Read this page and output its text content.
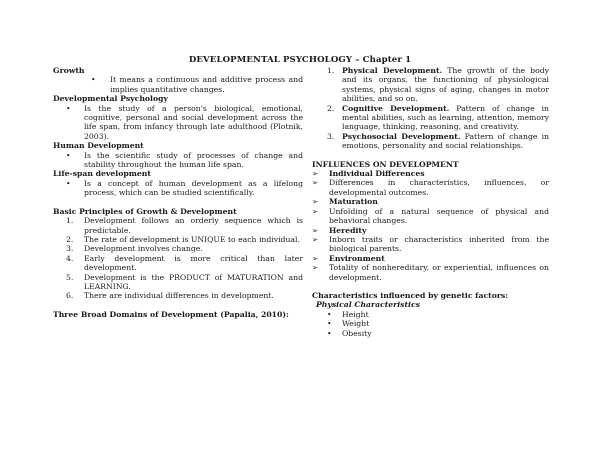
DEVELOPMENTAL PSYCHOLOGY – Chapter 1

Growth

• It means a continuous and additive process and implies quantitative changes.

Developmental Psychology

• Is the study of a person's biological, emotional, cognitive, personal and social development across the life span, from infancy through late adulthood (Plotnik, 2003).

Human Development

• Is the scientific study of processes of change and stability throughout the human life span.

Life-span development

• Is a concept of human development as a lifelong process, which can be studied scientifically.

Basic Principles of Growth & Development

1. Development follows an orderly sequence which is predictable.
2. The rate of development is UNIQUE to each individual.
3. Development involves change.
4. Early development is more critical than later development.
5. Development is the PRODUCT of MATURATION and LEARNING.
6. There are individual differences in development.

Three Broad Domains of Development (Papalia, 2010):

1. Physical Development. The growth of the body and its organs, the functioning of physiological systems, physical signs of aging, changes in motor abilities, and so on.
2. Cognitive Development. Pattern of change in mental abilities, such as learning, attention, memory language, thinking, reasoning, and creativity.
3. Psychosocial Development. Pattern of change in emotions, personality and social relationships.

INFLUENCES ON DEVELOPMENT

➢ Individual Differences
➢ Differences in characteristics, influences, or developmental outcomes.
➢ Maturation
➢ Unfolding of a natural sequence of physical and behavioral changes.
➢ Heredity
➢ Inborn traits or characteristics inherited from the biological parents.
➢ Environment
➢ Totality of nonhereditary, or experiential, influences on development.

Characteristics influenced by genetic factors:

Physical Characteristics

• Height
• Weight
• Obesity
